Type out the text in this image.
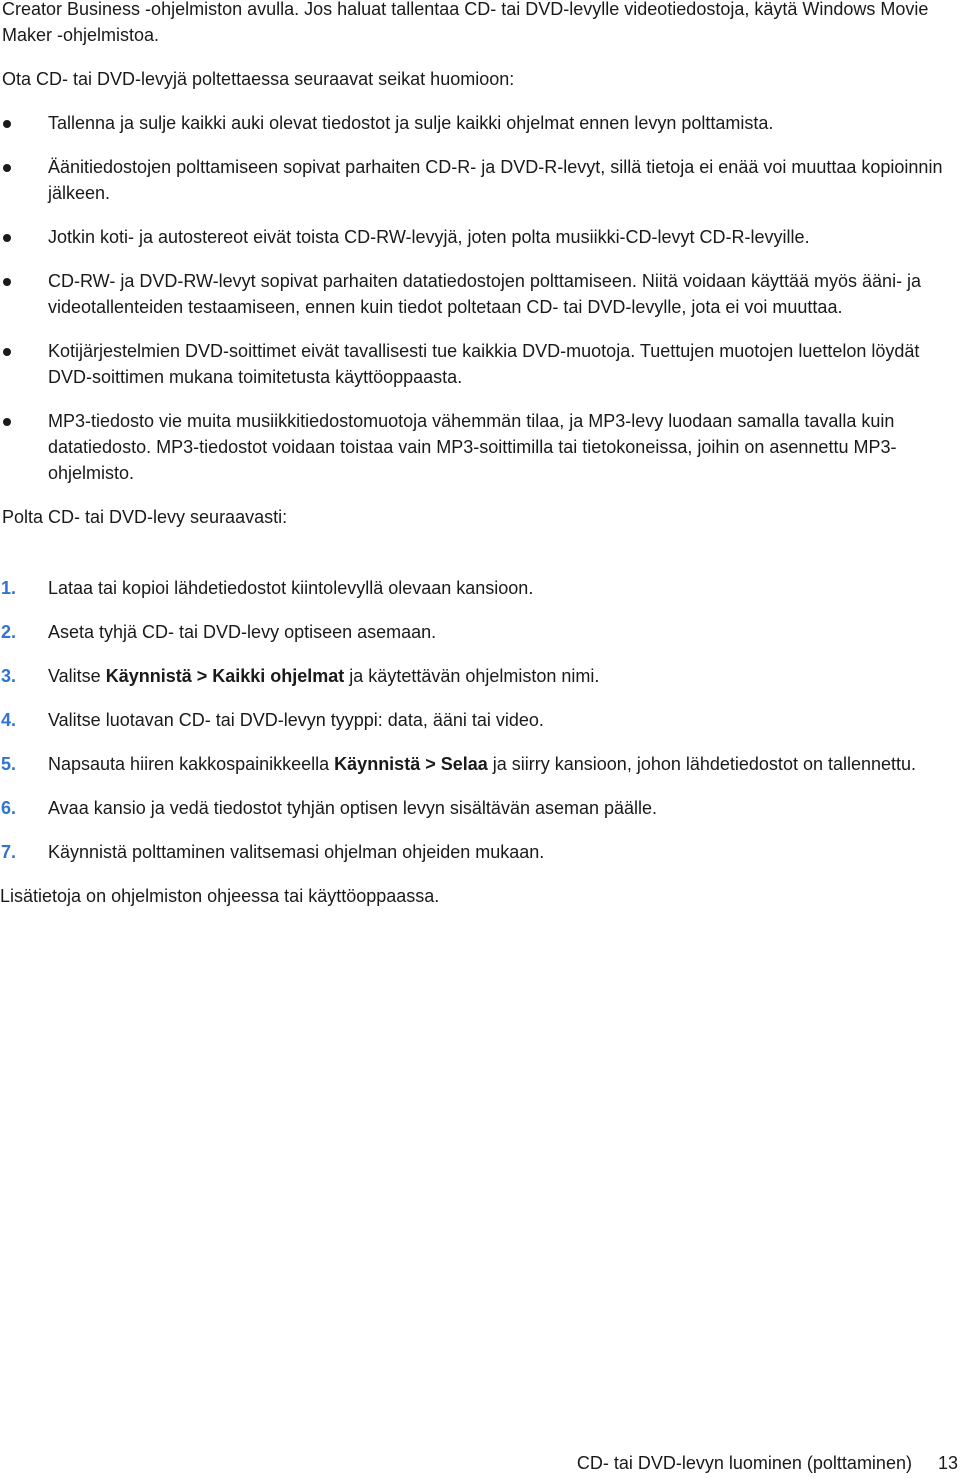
Creator Business -ohjelmiston avulla. Jos haluat tallentaa CD- tai DVD-levylle videotiedostoja, käytä Windows Movie Maker -ohjelmistoa.
Ota CD- tai DVD-levyjä poltettaessa seuraavat seikat huomioon:
Tallenna ja sulje kaikki auki olevat tiedostot ja sulje kaikki ohjelmat ennen levyn polttamista.
Äänitiedostojen polttamiseen sopivat parhaiten CD-R- ja DVD-R-levyt, sillä tietoja ei enää voi muuttaa kopioinnin jälkeen.
Jotkin koti- ja autostereot eivät toista CD-RW-levyjä, joten polta musiikki-CD-levyt CD-R-levyille.
CD-RW- ja DVD-RW-levyt sopivat parhaiten datatiedostojen polttamiseen. Niitä voidaan käyttää myös ääni- ja videotallenteiden testaamiseen, ennen kuin tiedot poltetaan CD- tai DVD-levylle, jota ei voi muuttaa.
Kotijärjestelmien DVD-soittimet eivät tavallisesti tue kaikkia DVD-muotoja. Tuettujen muotojen luettelon löydät DVD-soittimen mukana toimitetusta käyttöoppaasta.
MP3-tiedosto vie muita musiikkitiedostomuotoja vähemmän tilaa, ja MP3-levy luodaan samalla tavalla kuin datatiedosto. MP3-tiedostot voidaan toistaa vain MP3-soittimilla tai tietokoneissa, joihin on asennettu MP3-ohjelmisto.
Polta CD- tai DVD-levy seuraavasti:
1. Lataa tai kopioi lähdetiedostot kiintolevyllä olevaan kansioon.
2. Aseta tyhjä CD- tai DVD-levy optiseen asemaan.
3. Valitse Käynnistä > Kaikki ohjelmat ja käytettävän ohjelmiston nimi.
4. Valitse luotavan CD- tai DVD-levyn tyyppi: data, ääni tai video.
5. Napsauta hiiren kakkospainikkeella Käynnistä > Selaa ja siirry kansioon, johon lähdetiedostot on tallennettu.
6. Avaa kansio ja vedä tiedostot tyhjän optisen levyn sisältävän aseman päälle.
7. Käynnistä polttaminen valitsemasi ohjelman ohjeiden mukaan.
Lisätietoja on ohjelmiston ohjeessa tai käyttöoppaassa.
CD- tai DVD-levyn luominen (polttaminen) 13
